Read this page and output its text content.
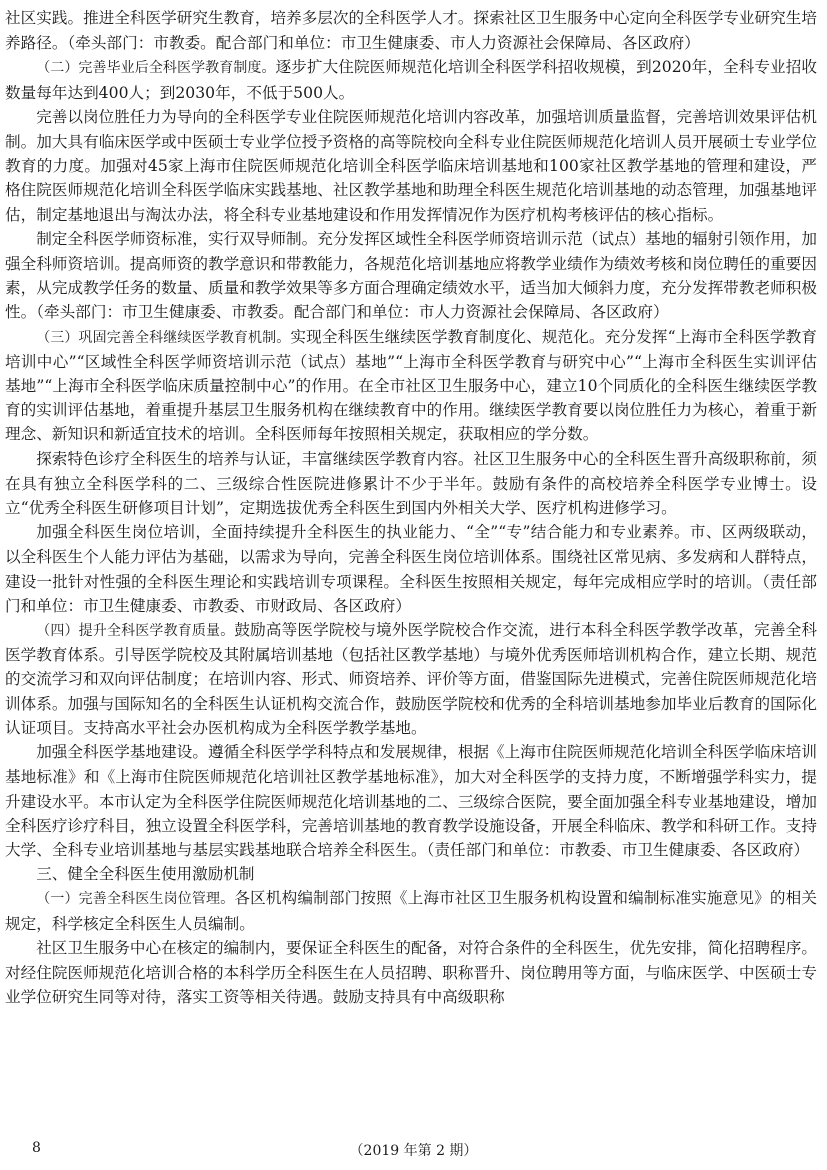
社区实践。推进全科医学研究生教育，培养多层次的全科医学人才。探索社区卫生服务中心定向全科医学专业研究生培养路径。（牵头部门：市教委。配合部门和单位：市卫生健康委、市人力资源社会保障局、各区政府）

（二）完善毕业后全科医学教育制度。逐步扩大住院医师规范化培训全科医学科招收规模，到2020年，全科专业招收数量每年达到400人；到2030年，不低于500人。

完善以岗位胜任力为导向的全科医学专业住院医师规范化培训内容改革，加强培训质量监督，完善培训效果评估机制。加大具有临床医学或中医硕士专业学位授予资格的高等院校向全科专业住院医师规范化培训人员开展硕士专业学位教育的力度。加强对45家上海市住院医师规范化培训全科医学临床培训基地和100家社区教学基地的管理和建设，严格住院医师规范化培训全科医学临床实践基地、社区教学基地和助理全科医生规范化培训基地的动态管理，加强基地评估，制定基地退出与淘汰办法，将全科专业基地建设和作用发挥情况作为医疗机构考核评估的核心指标。

制定全科医学师资标准，实行双导师制。充分发挥区域性全科医学师资培训示范（试点）基地的辐射引领作用，加强全科师资培训。提高师资的教学意识和带教能力，各规范化培训基地应将教学业绩作为绩效考核和岗位聘任的重要因素，从完成教学任务的数量、质量和教学效果等多方面合理确定绩效水平，适当加大倾斜力度，充分发挥带教老师积极性。（牵头部门：市卫生健康委、市教委。配合部门和单位：市人力资源社会保障局、各区政府）

（三）巩固完善全科继续医学教育机制。实现全科医生继续医学教育制度化、规范化。充分发挥“上海市全科医学教育培训中心”“区域性全科医学师资培训示范（试点）基地”“上海市全科医学教育与研究中心”“上海市全科医生实训评估基地”“上海市全科医学临床质量控制中心”的作用。在全市社区卫生服务中心，建立10个同质化的全科医生继续医学教育的实训评估基地，着重提升基层卫生服务机构在继续教育中的作用。继续医学教育要以岗位胜任力为核心，着重于新理念、新知识和新适宜技术的培训。全科医师每年按照相关规定，获取相应的学分数。

探索特色诊疗全科医生的培养与认证，丰富继续医学教育内容。社区卫生服务中心的全科医生晋升高级职称前，须在具有独立全科医学科的二、三级综合性医院进修累计不少于半年。鼓励有条件的高校培养全科医学专业博士。设立“优秀全科医生研修项目计划”，定期选拔优秀全科医生到国内外相关大学、医疗机构进修学习。

加强全科医生岗位培训，全面持续提升全科医生的执业能力、“全”“专”结合能力和专业素养。市、区两级联动，以全科医生个人能力评估为基础，以需求为导向，完善全科医生岗位培训体系。围绕社区常见病、多发病和人群特点，建设一批针对性强的全科医生理论和实践培训专项课程。全科医生按照相关规定，每年完成相应学时的培训。（责任部门和单位：市卫生健康委、市教委、市财政局、各区政府）

（四）提升全科医学教育质量。鼓励高等医学院校与境外医学院校合作交流，进行本科全科医学教学改革，完善全科医学教育体系。引导医学院校及其附属培训基地（包括社区教学基地）与境外优秀医师培训机构合作，建立长期、规范的交流学习和双向评估制度；在培训内容、形式、师资培养、评价等方面，借鉴国际先进模式，完善住院医师规范化培训体系。加强与国际知名的全科医生认证机构交流合作，鼓励医学院校和优秀的全科培训基地参加毕业后教育的国际化认证项目。支持高水平社会办医机构成为全科医学教学基地。

加强全科医学基地建设。遵循全科医学学科特点和发展规律，根据《上海市住院医师规范化培训全科医学临床培训基地标准》和《上海市住院医师规范化培训社区教学基地标准》，加大对全科医学的支持力度，不断增强学科实力，提升建设水平。本市认定为全科医学住院医师规范化培训基地的二、三级综合医院，要全面加强全科专业基地建设，增加全科医疗诊疗科目，独立设置全科医学科，完善培训基地的教育教学设施设备，开展全科临床、教学和科研工作。支持大学、全科专业培训基地与基层实践基地联合培养全科医生。（责任部门和单位：市教委、市卫生健康委、各区政府）

三、健全全科医生使用激励机制

（一）完善全科医生岗位管理。各区机构编制部门按照《上海市社区卫生服务机构设置和编制标准实施意见》的相关规定，科学核定全科医生人员编制。

社区卫生服务中心在核定的编制内，要保证全科医生的配备，对符合条件的全科医生，优先安排，简化招聘程序。对经住院医师规范化培训合格的本科学历全科医生在人员招聘、职称晋升、岗位聘用等方面，与临床医学、中医硕士专业学位研究生同等对待，落实工资等相关待遇。鼓励支持具有中高级职称

8	（2019 年第 2 期）
